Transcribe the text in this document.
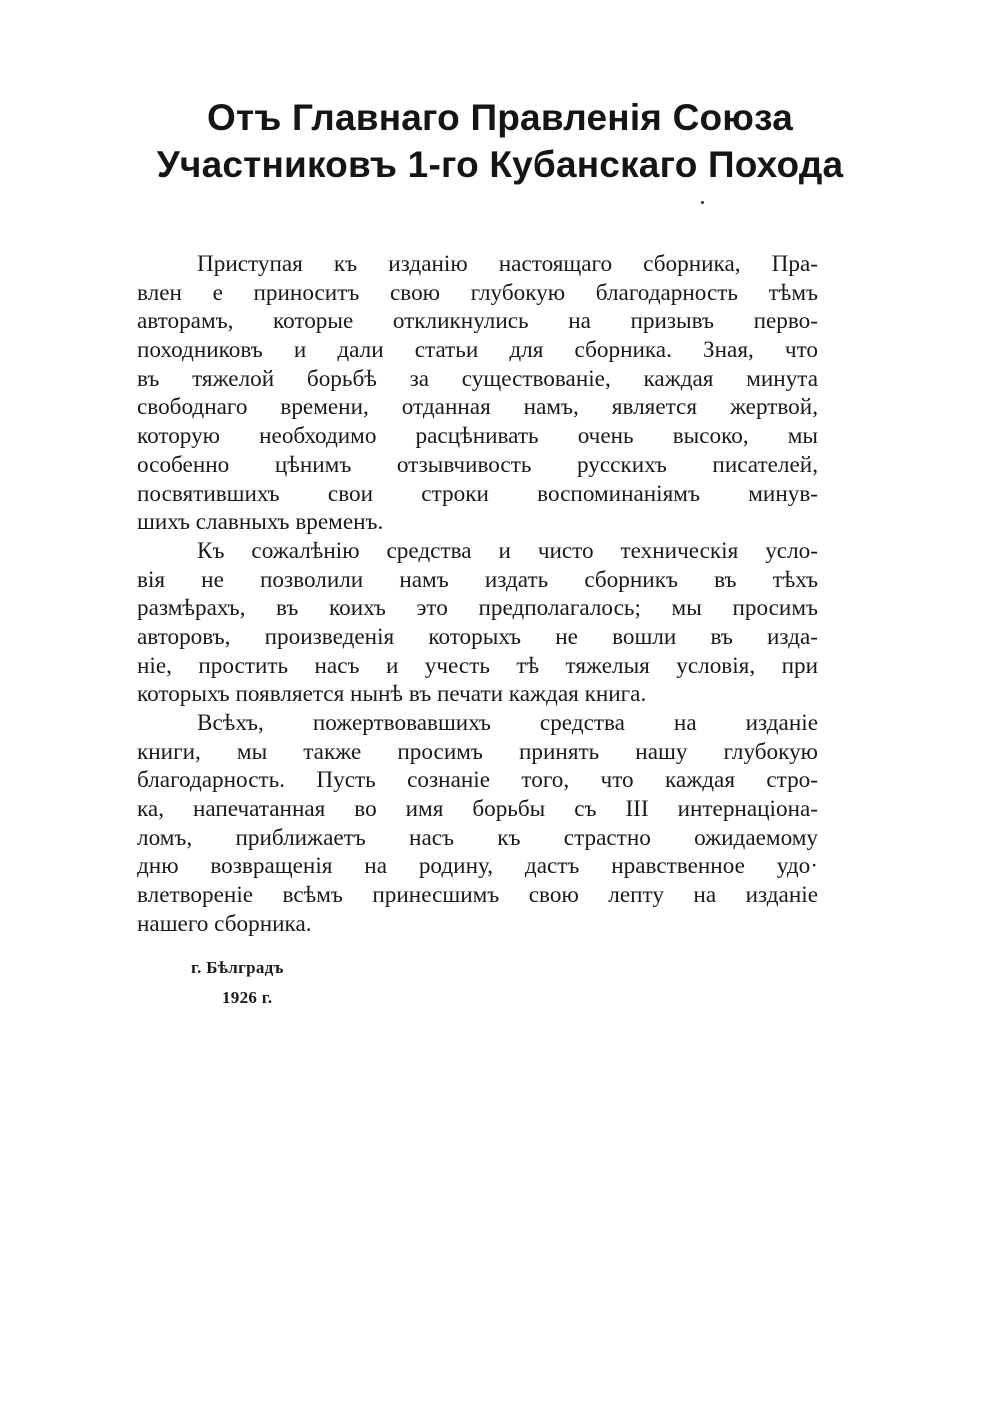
Отъ Главнаго Правленія Союза
Участниковъ 1-го Кубанскаго Похода
Приступая къ изданію настоящаго сборника, Пра-
влен е приноситъ свою глубокую благодарность тѣмъ
авторамъ, которые откликнулись на призывъ перво-
походниковъ и дали статьи для сборника. Зная, что
въ тяжелой борьбѣ за существованіе, каждая минута
свободнаго времени, отданная намъ, является жертвой,
которую необходимо расцѣнивать очень высоко, мы
особенно цѣнимъ отзывчивость русскихъ писателей,
посвятившихъ свои строки воспоминаніямъ минув-
шихъ славныхъ временъ.
Къ сожалѣнію средства и чисто техническія усло-
вія не позволили намъ издать сборникъ въ тѣхъ
размѣрахъ, въ коихъ это предполагалось; мы просимъ
авторовъ, произведенія которыхъ не вошли въ изда-
ніе, простить насъ и учесть тѣ тяжелыя условія, при
которыхъ появляется нынѣ въ печати каждая книга.
Всѣхъ, пожертвовавшихъ средства на изданіе
книги, мы также просимъ принять нашу глубокую
благодарность. Пусть сознаніе того, что каждая стро-
ка, напечатанная во имя борьбы съ III интернаціона-
ломъ, приближаетъ насъ къ страстно ожидаемому
дню возвращенія на родину, дастъ нравственное удо·
влетвореніе всѣмъ принесшимъ свою лепту на изданіе
нашего сборника.
г. Бѣлградъ
1926 г.
